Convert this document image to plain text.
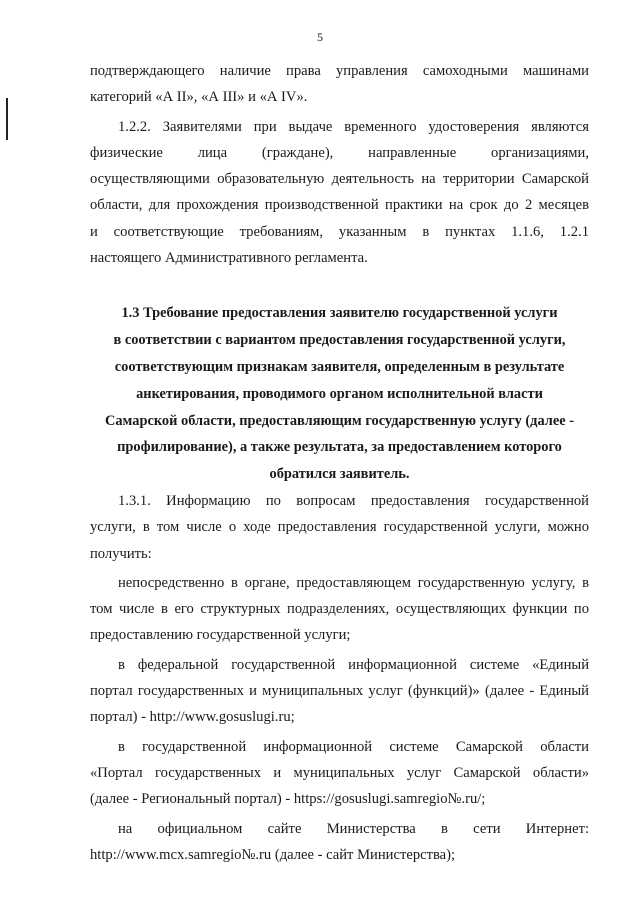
5

подтверждающего наличие права управления самоходными машинами

категорий «А II», «А III» и «А IV».

1.2.2. Заявителями при выдаче временного удостоверения являются

физические лица (граждане), направленные организациями,

осуществляющими образовательную деятельность на территории Самарской

области, для прохождения производственной практики на срок до 2 месяцев

и соответствующие требованиям, указанным в пунктах 1.1.6, 1.2.1

настоящего Административного регламента.

1.3 Требование предоставления заявителю государственной услуги
в соответствии с вариантом предоставления государственной услуги,
соответствующим признакам заявителя, определенным в результате
анкетирования, проводимого органом исполнительной власти
Самарской области, предоставляющим государственную услугу (далее -
профилирование), а также результата, за предоставлением которого
обратился заявитель.

1.3.1. Информацию по вопросам предоставления государственной

услуги, в том числе о ходе предоставления государственной услуги, можно

получить:

непосредственно в органе, предоставляющем государственную услугу, в

том числе в его структурных подразделениях, осуществляющих функции по

предоставлению государственной услуги;

в федеральной государственной информационной системе «Единый

портал государственных и муниципальных услуг (функций)» (далее - Единый

портал) - http://www.gosuslugi.ru;

в государственной информационной системе Самарской области

«Портал государственных и муниципальных услуг Самарской области»

(далее - Региональный портал) - https://gosuslugi.samregio№.ru/;

на официальном сайте Министерства в сети Интернет:

http://www.mcx.samregio№.ru (далее - сайт Министерства);
